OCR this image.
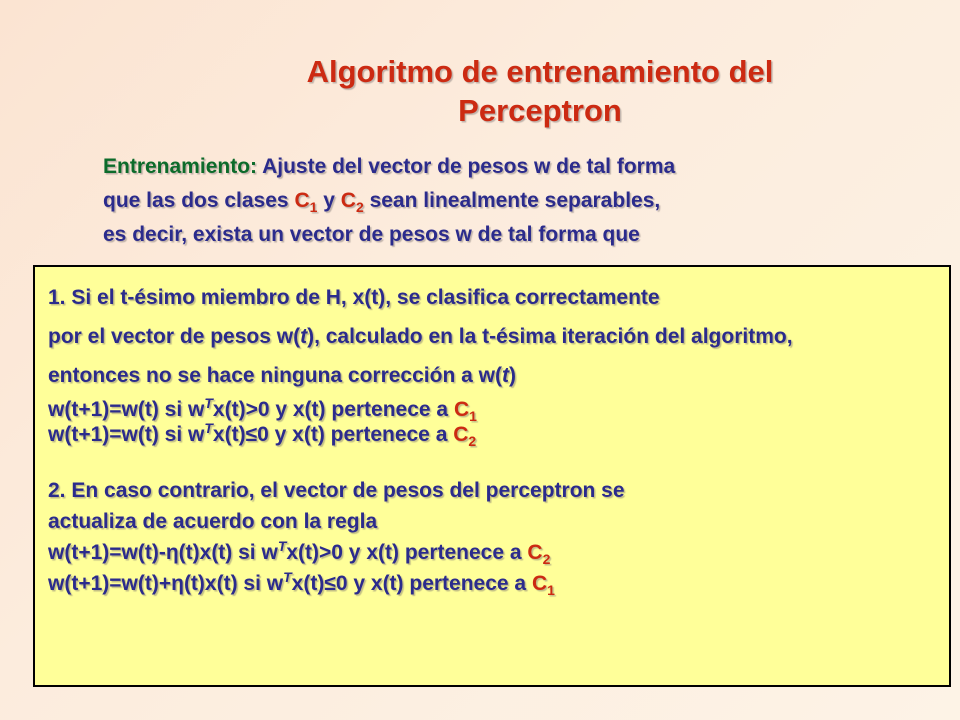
Algoritmo de entrenamiento del
Perceptron
Entrenamiento: Ajuste del vector de pesos w de tal forma
que las dos clases $C_1$ y $C_2$ sean linealmente separables,
es decir, exista un vector de pesos w de tal forma que

1. Si el t-ésimo miembro de H, x(t), se clasifica correctamente

por el vector de pesos w(t), calculado en la t-ésima iteración del algoritmo,

entonces no se hace ninguna corrección a w(t)

w(t+1)=w(t) si $w^Tx(t)>0$ y x(t) pertenece a $C_1$

w(t+1)=w(t) si $w^Tx(t)\le 0$ y x(t) pertenece a $C_2$

2. En caso contrario, el vector de pesos del perceptron se

actualiza de acuerdo con la regla

w(t+1)=w(t)-η(t)x(t) si $w^Tx(t)>0$ y x(t) pertenece a $C_2$

w(t+1)=w(t)+η(t)x(t) si $w^Tx(t)\le 0$ y x(t) pertenece a $C_1$
